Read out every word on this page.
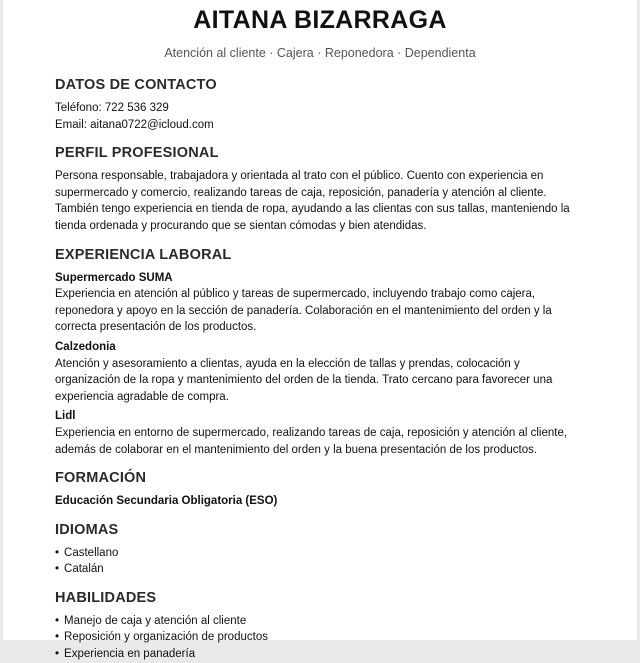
AITANA BIZARRAGA
Atención al cliente · Cajera · Reponedora · Dependienta
DATOS DE CONTACTO
Teléfono: 722 536 329
Email: aitana0722@icloud.com
PERFIL PROFESIONAL
Persona responsable, trabajadora y orientada al trato con el público. Cuento con experiencia en supermercado y comercio, realizando tareas de caja, reposición, panadería y atención al cliente. También tengo experiencia en tienda de ropa, ayudando a las clientas con sus tallas, manteniendo la tienda ordenada y procurando que se sientan cómodas y bien atendidas.
EXPERIENCIA LABORAL
Supermercado SUMA
Experiencia en atención al público y tareas de supermercado, incluyendo trabajo como cajera, reponedora y apoyo en la sección de panadería. Colaboración en el mantenimiento del orden y la correcta presentación de los productos.
Calzedonia
Atención y asesoramiento a clientas, ayuda en la elección de tallas y prendas, colocación y organización de la ropa y mantenimiento del orden de la tienda. Trato cercano para favorecer una experiencia agradable de compra.
Lidl
Experiencia en entorno de supermercado, realizando tareas de caja, reposición y atención al cliente, además de colaborar en el mantenimiento del orden y la buena presentación de los productos.
FORMACIÓN
Educación Secundaria Obligatoria (ESO)
IDIOMAS
• Castellano
• Catalán
HABILIDADES
• Manejo de caja y atención al cliente
• Reposición y organización de productos
• Experiencia en panadería
